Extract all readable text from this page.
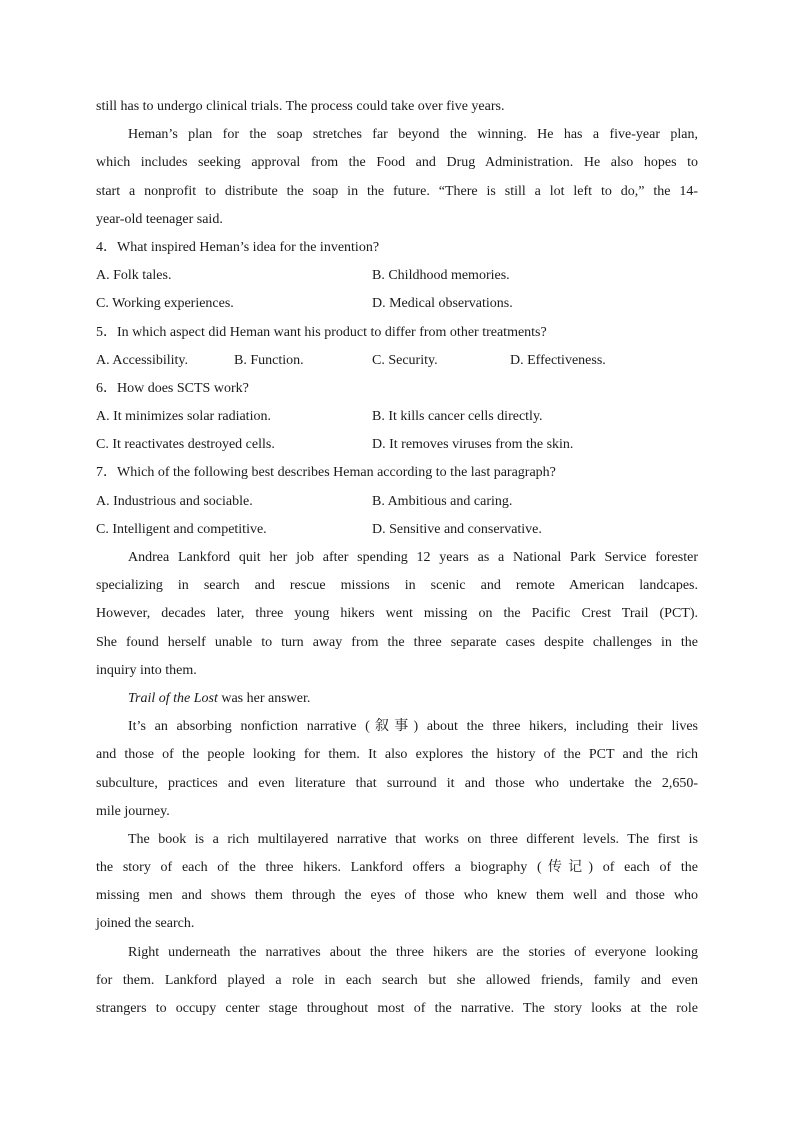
still has to undergo clinical trials. The process could take over five years.
Heman’s plan for the soap stretches far beyond the winning. He has a five-year plan,
which includes seeking approval from the Food and Drug Administration. He also hopes to
start a nonprofit to distribute the soap in the future. “There is still a lot left to do,” the 14-
year-old teenager said.
4．What inspired Heman’s idea for the invention?
A. Folk tales.	B. Childhood memories.
C. Working experiences.	D. Medical observations.
5．In which aspect did Heman want his product to differ from other treatments?
A. Accessibility.	B. Function.	C. Security.	D. Effectiveness.
6．How does SCTS work?
A. It minimizes solar radiation.	B. It kills cancer cells directly.
C. It reactivates destroyed cells.	D. It removes viruses from the skin.
7．Which of the following best describes Heman according to the last paragraph?
A. Industrious and sociable.	B. Ambitious and caring.
C. Intelligent and competitive.	D. Sensitive and conservative.
Andrea Lankford quit her job after spending 12 years as a National Park Service forester
specializing in search and rescue missions in scenic and remote American landcapes.
However, decades later, three young hikers went missing on the Pacific Crest Trail (PCT).
She found herself unable to turn away from the three separate cases despite challenges in the
inquiry into them.
Trail of the Lost was her answer.
It’s an absorbing nonfiction narrative (叙事) about the three hikers, including their lives
and those of the people looking for them. It also explores the history of the PCT and the rich
subculture, practices and even literature that surround it and those who undertake the 2,650-
mile journey.
The book is a rich multilayered narrative that works on three different levels. The first is
the story of each of the three hikers. Lankford offers a biography (传记) of each of the
missing men and shows them through the eyes of those who knew them well and those who
joined the search.
Right underneath the narratives about the three hikers are the stories of everyone looking
for them. Lankford played a role in each search but she allowed friends, family and even
strangers to occupy center stage throughout most of the narrative. The story looks at the role
